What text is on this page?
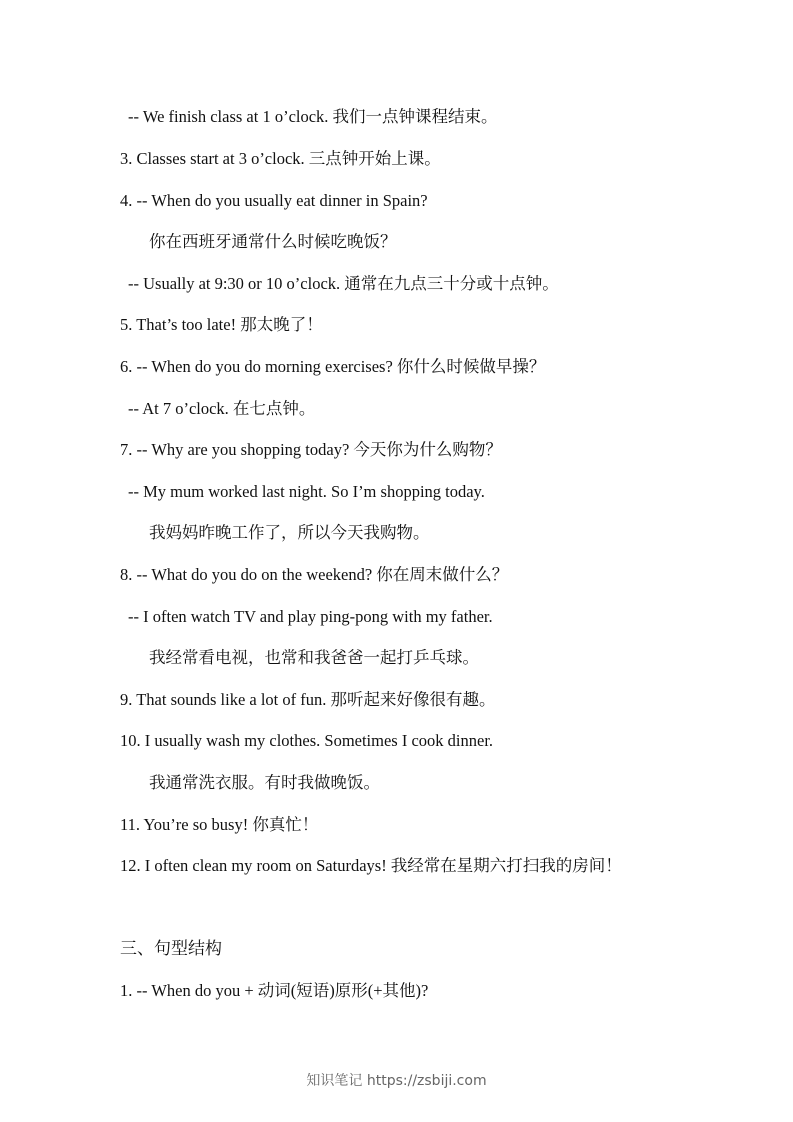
-- We finish class at 1 o’clock. 我们一点钟课程结束。
3. Classes start at 3 o’clock. 三点钟开始上课。
4. -- When do you usually eat dinner in Spain?
你在西班牙通常什么时候吃晚饭？
-- Usually at 9:30 or 10 o’clock. 通常在九点三十分或十点钟。
5. That’s too late! 那太晚了！
6. -- When do you do morning exercises? 你什么时候做早操？
-- At 7 o’clock. 在七点钟。
7. -- Why are you shopping today? 今天你为什么购物？
-- My mum worked last night. So I’m shopping today.
我妈妈昨晚工作了，所以今天我购物。
8. -- What do you do on the weekend? 你在周末做什么？
-- I often watch TV and play ping-pong with my father.
我经常看电视，也常和我爸爸一起打乒乓球。
9. That sounds like a lot of fun. 那听起来好像很有趣。
10. I usually wash my clothes. Sometimes I cook dinner.
我通常洗衣服。有时我做晚饭。
11. You’re so busy! 你真忙！
12. I often clean my room on Saturdays! 我经常在星期六打扫我的房间！
三、句型结构
1. -- When do you + 动词(短语)原形(+其他)?
知识笔记 https://zsbiji.com
